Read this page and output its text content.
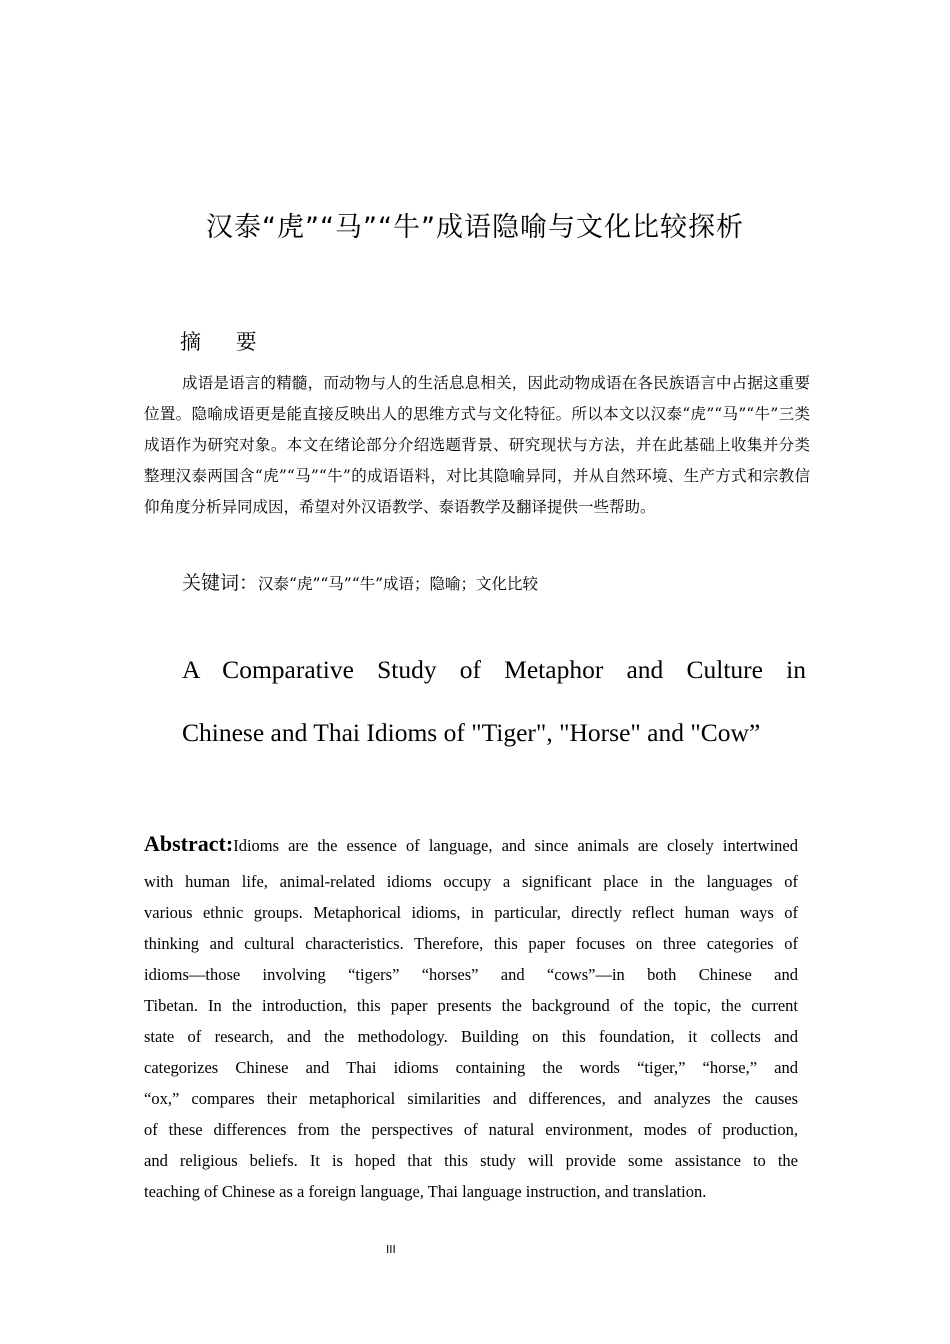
汉泰“虎”“马”“牛”成语隐喻与文化比较探析
摘 要
成语是语言的精髓，而动物与人的生活息息相关，因此动物成语在各民族语言中占据这重要位置。隐喻成语更是能直接反映出人的思维方式与文化特征。所以本文以汉泰“虎”“马”“牛”三类成语作为研究对象。本文在绪论部分介绍选题背景、研究现状与方法，并在此基础上收集并分类整理汉泰两国含“虎”“马”“牛”的成语语料，对比其隐喻异同，并从自然环境、生产方式和宗教信仰角度分析异同成因，希望对外汉语教学、泰语教学及翻译提供一些帮助。
关键词：汉泰“虎”“马”“牛”成语；隐喻；文化比较
A Comparative Study of Metaphor and Culture in
Chinese and Thai Idioms of "Tiger", "Horse" and "Cow”
Abstract:Idioms are the essence of language, and since animals are closely intertwined
with human life, animal-related idioms occupy a significant place in the languages of
various ethnic groups. Metaphorical idioms, in particular, directly reflect human ways of
thinking and cultural characteristics. Therefore, this paper focuses on three categories of
idioms—those involving “tigers” “horses” and “cows”—in both Chinese and
Tibetan. In the introduction, this paper presents the background of the topic, the current
state of research, and the methodology. Building on this foundation, it collects and
categorizes Chinese and Thai idioms containing the words “tiger,” “horse,” and
“ox,” compares their metaphorical similarities and differences, and analyzes the causes
of these differences from the perspectives of natural environment, modes of production,
and religious beliefs. It is hoped that this study will provide some assistance to the
teaching of Chinese as a foreign language, Thai language instruction, and translation.
III
